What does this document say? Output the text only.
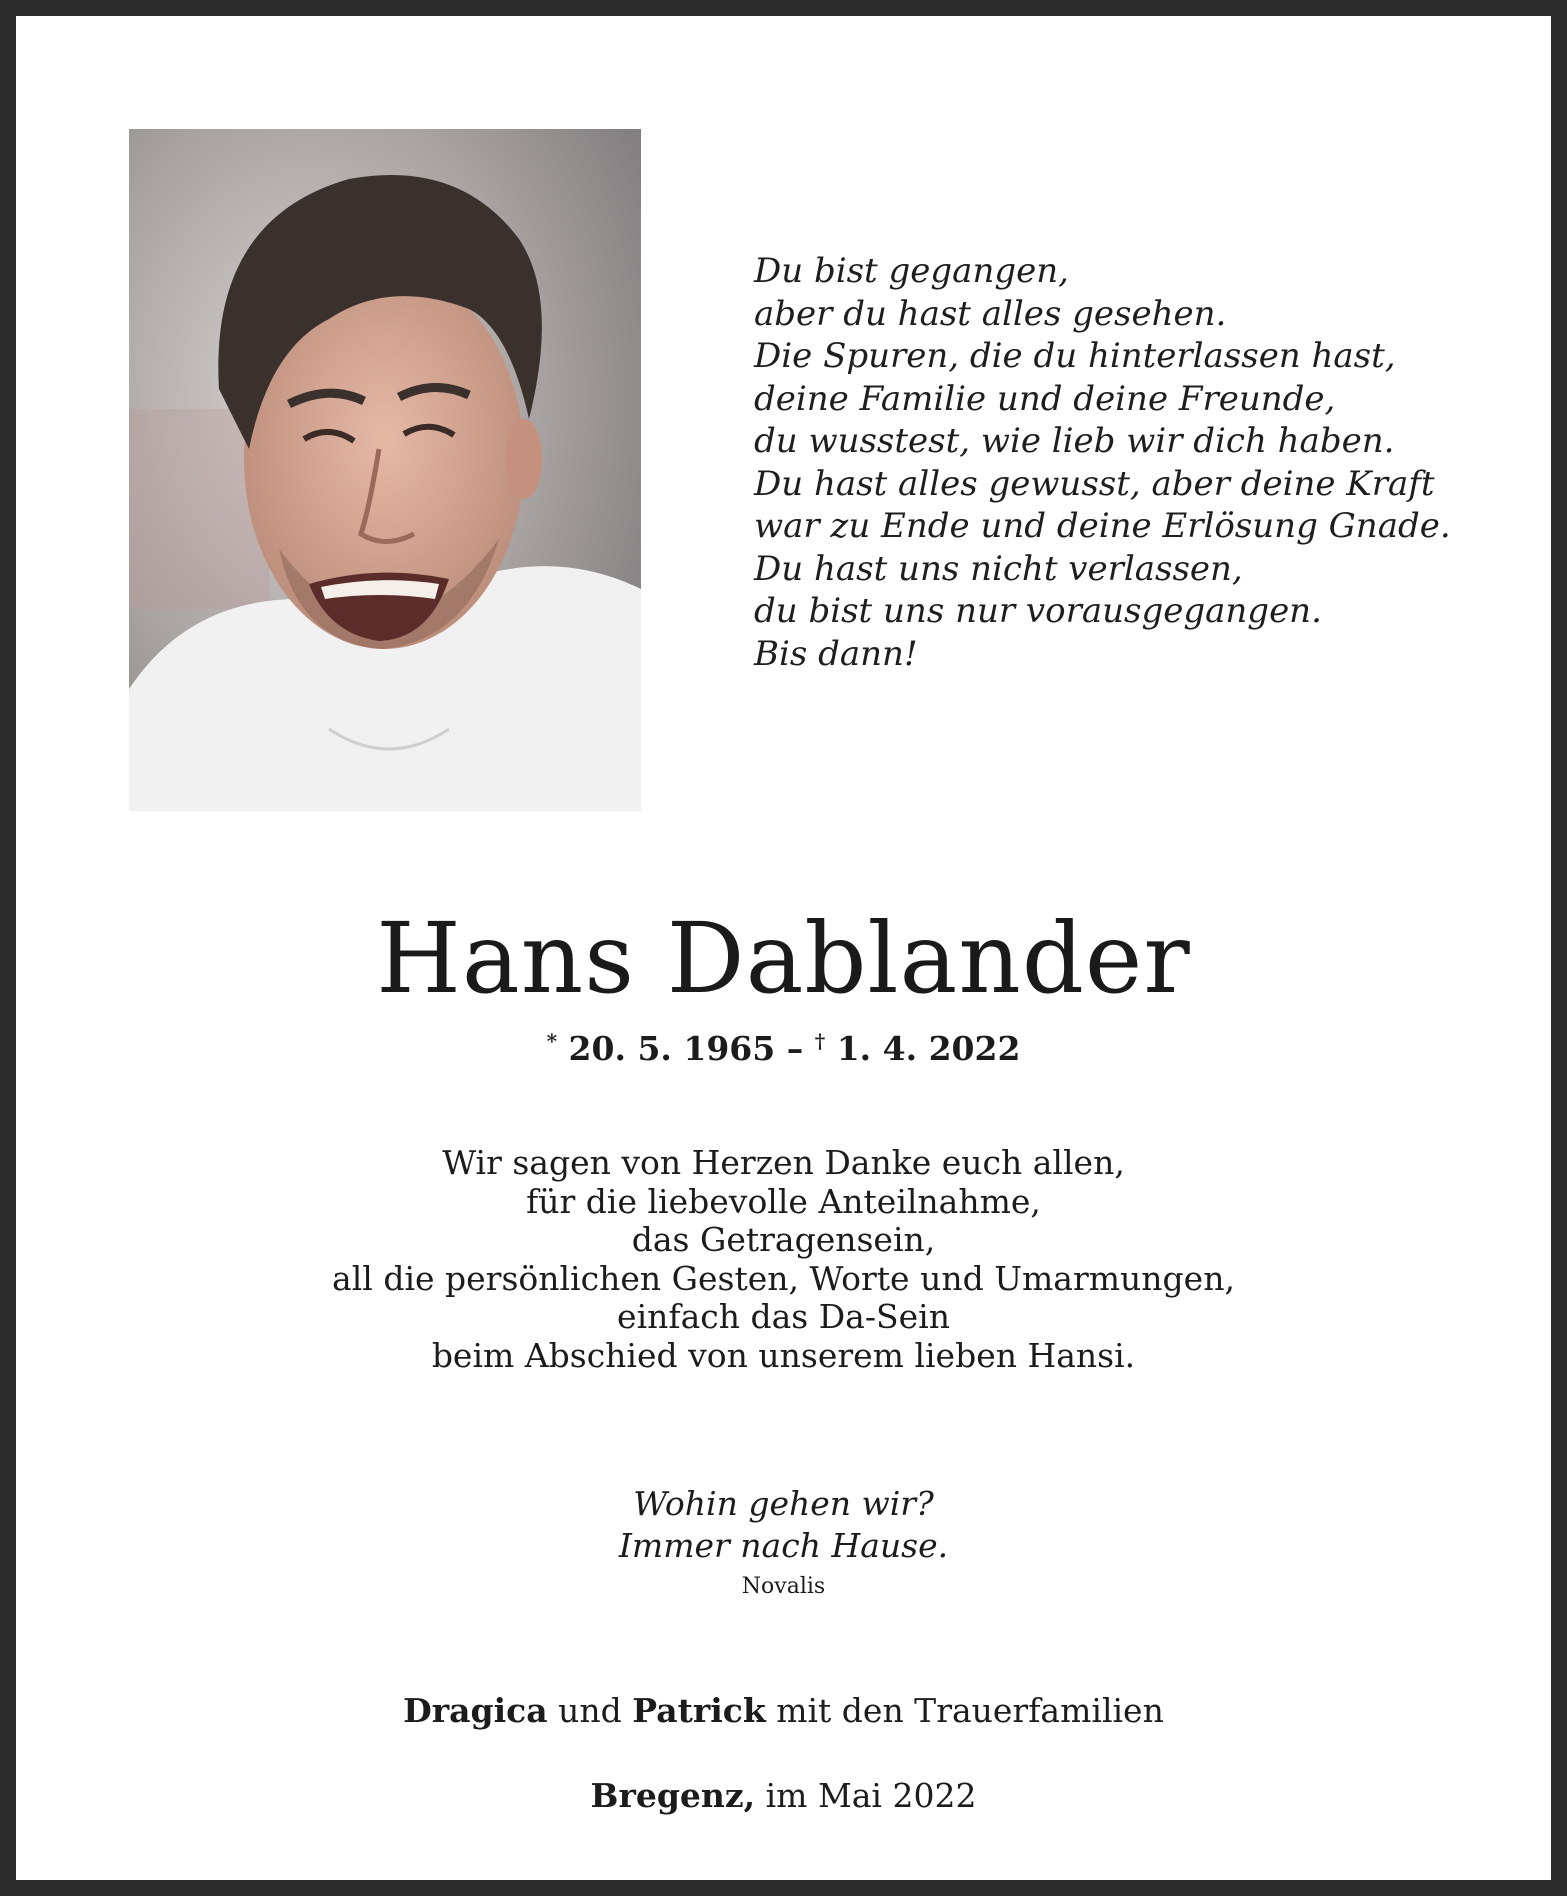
Du bist gegangen,
aber du hast alles gesehen.
Die Spuren, die du hinterlassen hast,
deine Familie und deine Freunde,
du wusstest, wie lieb wir dich haben.
Du hast alles gewusst, aber deine Kraft
war zu Ende und deine Erlösung Gnade.
Du hast uns nicht verlassen,
du bist uns nur vorausgegangen.
Bis dann!
Hans Dablander
* 20. 5. 1965 – † 1. 4. 2022
Wir sagen von Herzen Danke euch allen,
für die liebevolle Anteilnahme,
das Getragensein,
all die persönlichen Gesten, Worte und Umarmungen,
einfach das Da-Sein
beim Abschied von unserem lieben Hansi.
Wohin gehen wir?
Immer nach Hause.
Novalis
Dragica und Patrick mit den Trauerfamilien
Bregenz, im Mai 2022
